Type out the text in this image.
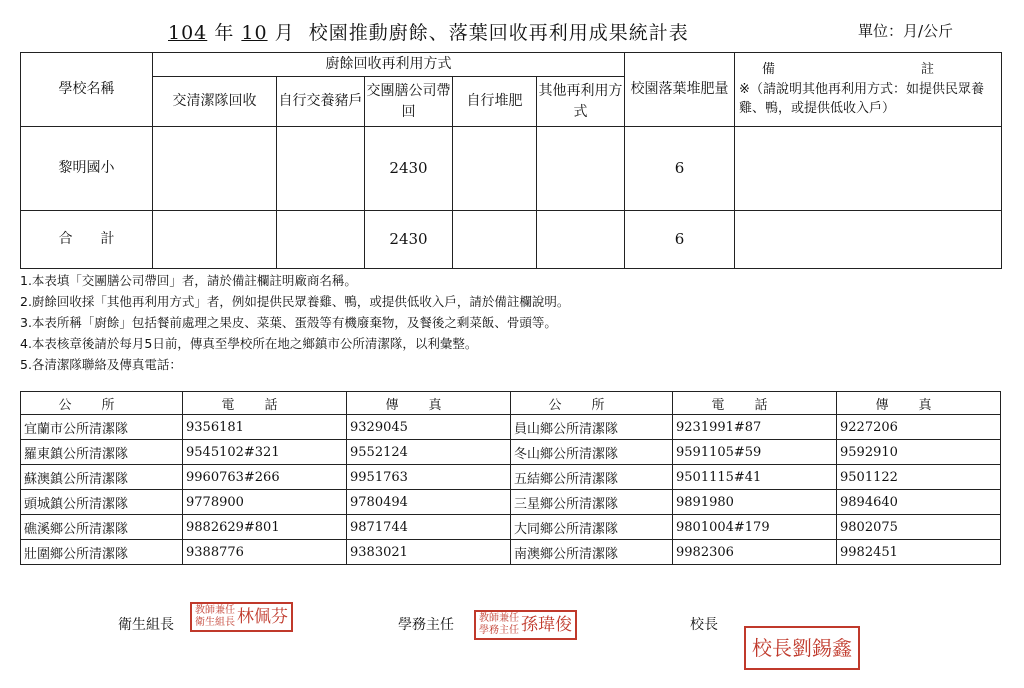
104 年 10 月 校園推動廚餘、落葉回收再利用成果統計表	單位：月/公斤
學校名稱	廚餘回收再利用方式					校園落葉堆肥量	備　　註
※（請說明其他再利用方式：如提供民眾養雞、鴨，或提供低收入戶）
	交清潔隊回收	自行交養豬戶	交團膳公司帶回	自行堆肥	其他再利用方式		
黎明國小			2430			6	
合　　計			2430			6	
1.本表填「交團膳公司帶回」者，請於備註欄註明廠商名稱。
2.廚餘回收採「其他再利用方式」者，例如提供民眾養雞、鴨，或提供低收入戶，請於備註欄說明。
3.本表所稱「廚餘」包括餐前處理之果皮、菜葉、蛋殼等有機廢棄物，及餐後之剩菜飯、骨頭等。
4.本表核章後請於每月5日前，傳真至學校所在地之鄉鎮市公所清潔隊，以利彙整。
5.各清潔隊聯絡及傳真電話：
公所	電話	傳真	公所	電話	傳真
宜蘭市公所清潔隊	9356181	9329045	員山鄉公所清潔隊	9231991#87	9227206
羅東鎮公所清潔隊	9545102#321	9552124	冬山鄉公所清潔隊	9591105#59	9592910
蘇澳鎮公所清潔隊	9960763#266	9951763	五結鄉公所清潔隊	9501115#41	9501122
頭城鎮公所清潔隊	9778900	9780494	三星鄉公所清潔隊	9891980	9894640
礁溪鄉公所清潔隊	9882629#801	9871744	大同鄉公所清潔隊	9801004#179	9802075
壯圍鄉公所清潔隊	9388776	9383021	南澳鄉公所清潔隊	9982306	9982451
衛生組長
教師兼任
衛生組長 林佩芬	學務主任	教師兼任
學務主任 孫瑋俊	校長
校長劉錫鑫
